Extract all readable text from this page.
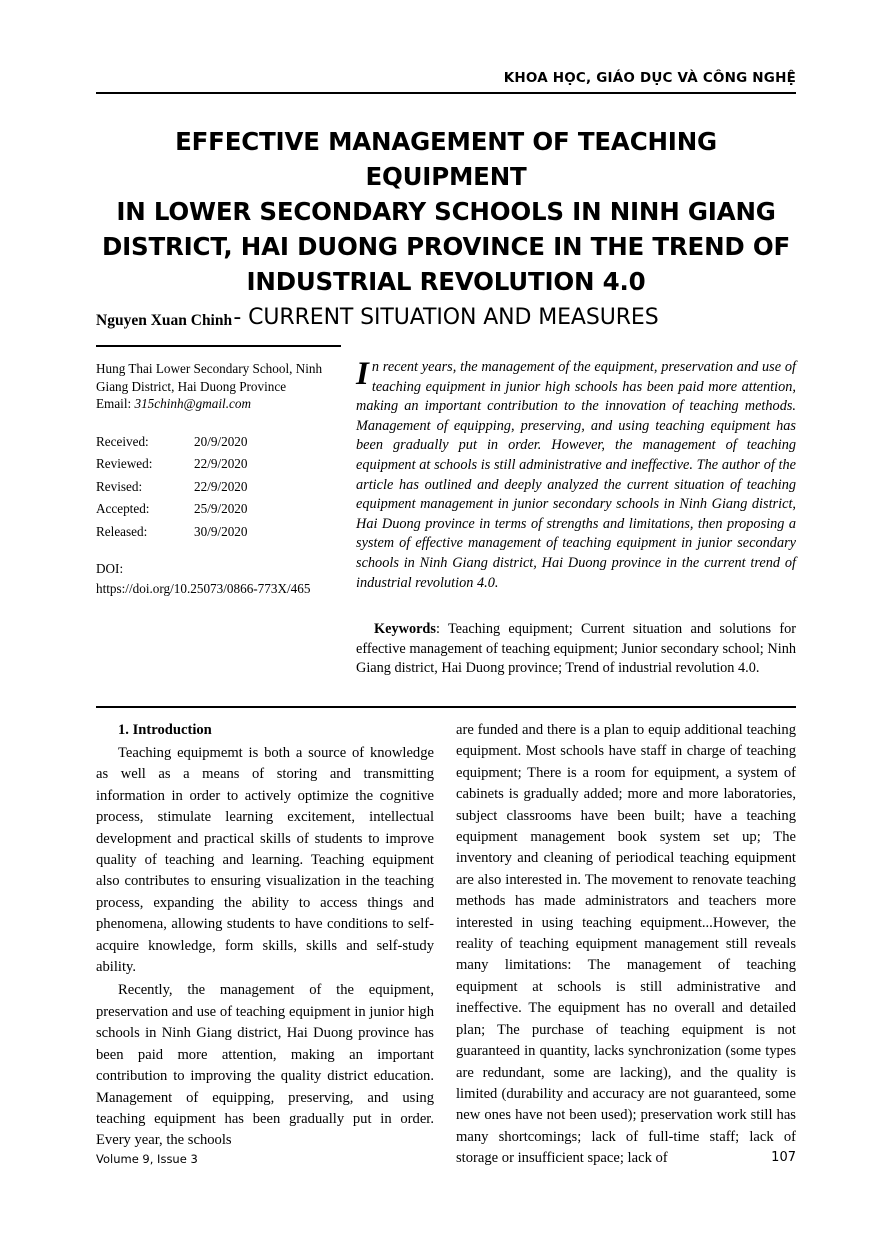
KHOA HỌC, GIÁO DỤC VÀ CÔNG NGHỆ
EFFECTIVE MANAGEMENT OF TEACHING EQUIPMENT
IN LOWER SECONDARY SCHOOLS IN NINH GIANG
DISTRICT, HAI DUONG PROVINCE IN THE TREND OF
INDUSTRIAL REVOLUTION 4.0
- CURRENT SITUATION AND MEASURES
Nguyen Xuan Chinh
Hung Thai Lower Secondary School, Ninh Giang District, Hai Duong Province
Email: 315chinh@gmail.com
Received:	20/9/2020
Reviewed:	22/9/2020
Revised:	22/9/2020
Accepted:	25/9/2020
Released:	30/9/2020
DOI:
https://doi.org/10.25073/0866-773X/465
In recent years, the management of the equipment, preservation and use of teaching equipment in junior high schools has been paid more attention, making an important contribution to the innovation of teaching methods. Management of equipping, preserving, and using teaching equipment has been gradually put in order. However, the management of teaching equipment at schools is still administrative and ineffective. The author of the article has outlined and deeply analyzed the current situation of teaching equipment management in junior secondary schools in Ninh Giang district, Hai Duong province in terms of strengths and limitations, then proposing a system of effective management of teaching equipment in junior secondary schools in Ninh Giang district, Hai Duong province in the current trend of industrial revolution 4.0.
Keywords: Teaching equipment; Current situation and solutions for effective management of teaching equipment; Junior secondary school; Ninh Giang district, Hai Duong province; Trend of industrial revolution 4.0.
1. Introduction
Teaching equipmemt is both a source of knowledge as well as a means of storing and transmitting information in order to actively optimize the cognitive process, stimulate learning excitement, intellectual development and practical skills of students to improve quality of teaching and learning. Teaching equipment also contributes to ensuring visualization in the teaching process, expanding the ability to access things and phenomena, allowing students to have conditions to self-acquire knowledge, form skills, skills and self-study ability.
Recently, the management of the equipment, preservation and use of teaching equipment in junior high schools in Ninh Giang district, Hai Duong province has been paid more attention, making an important contribution to improving the quality district education. Management of equipping, preserving, and using teaching equipment has been gradually put in order. Every year, the schools
are funded and there is a plan to equip additional teaching equipment. Most schools have staff in charge of teaching equipment; There is a room for equipment, a system of cabinets is gradually added; more and more laboratories, subject classrooms have been built; have a teaching equipment management book system set up; The inventory and cleaning of periodical teaching equipment are also interested in. The movement to renovate teaching methods has made administrators and teachers more interested in using teaching equipment...However, the reality of teaching equipment management still reveals many limitations: The management of teaching equipment at schools is still administrative and ineffective. The equipment has no overall and detailed plan; The purchase of teaching equipment is not guaranteed in quantity, lacks synchronization (some types are redundant, some are lacking), and the quality is limited (durability and accuracy are not guaranteed, some new ones have not been used); preservation work still has many shortcomings; lack of full-time staff; lack of storage or insufficient space; lack of
Volume 9, Issue 3	107
